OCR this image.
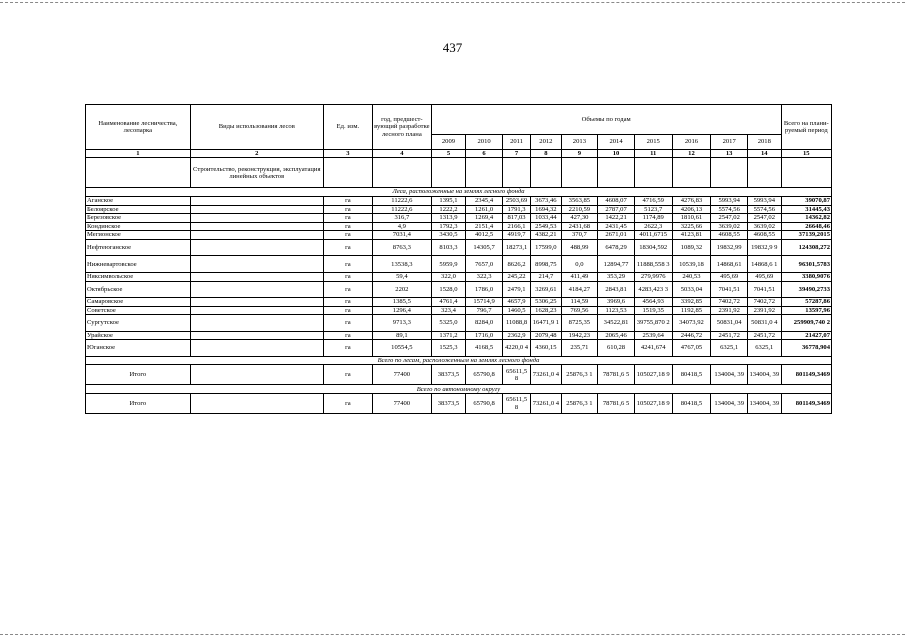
437
Наименование лесничества, лесопарка	Виды использования лесов	Ед. изм.	год, предшест-вующий разработке лесного плана	Объемы по годам										Всего на плани-руемый период
				2009	2010	2011	2012	2013	2014	2015	2016	2017	2018	
1	2	3	4	5	6	7	8	9	10	11	12	13	14	15
	Строительство, реконструкция, эксплуатация линейных объектов													
Леса, расположенные на землях лесного фонда														
Аганское		га	11222,6	1395,1	2345,4	2503,69	3673,46	3563,85	4608,07	4716,59	4276,83	5993,94	5993,94	39070,87
Белоярское		га	11222,6	1222,2	1261,0	1791,3	1694,32	2210,59	2787,07	5123,7	4206,13	5574,56	5574,56	31445,43
Березовское		га	316,7	1313,9	1269,4	817,03	1033,44	427,30	1422,21	1174,89	1810,61	2547,02	2547,02	14362,82
Кондинское		га	4,9	1792,3	2151,4	2166,1	2549,53	2431,68	2431,45	2622,3	3225,66	3639,02	3639,02	26648,46
Мегионское		га	7031,4	3430,5	4012,5	4919,7	4382,21	370,7	2671,01	4011,6715	4123,81	4608,55	4608,55	37139,2015
Нефтеюганское		га	8763,3	8103,3	14305,7	18273,1	17599,0	488,99	6478,29	18304,592	1089,32	19832,99	19832,9 9	124308,272
Нижневартовское		га	13538,3	5959,9	7657,0	8626,2	8998,75	0,0	12894,77	11888,558 3	10539,18	14868,61	14868,6 1	96301,5783
Няксимвольское		га	59,4	322,0	322,3	245,22	214,7	411,49	353,29	279,9976	240,53	495,69	495,69	3380,9076
Октябрьское		га	2202	1528,0	1786,0	2479,1	3269,61	4184,27	2843,81	4283,423 3	5033,04	7041,51	7041,51	39490,2733
Самаровское		га	1385,5	4761,4	15714,9	4657,9	5306,25	114,59	3969,6	4564,93	3392,85	7402,72	7402,72	57287,86
Советское		га	1296,4	323,4	796,7	1460,5	1628,23	769,56	1123,53	1519,35	1192,85	2391,92	2391,92	13597,96
Сургутское		га	9713,3	5325,0	8284,0	11088,8	16471,9 1	8725,35	34522,81	39755,870 2	34073,92	50831,04	50831,0 4	259909,740 2
Урайское		га	89,1	1371,2	1716,0	2362,9	2079,48	1942,23	2065,46	2539,64	2446,72	2451,72	2451,72	21427,07
Юганское		га	10554,5	1525,3	4168,5	4220,0 4	4360,15	235,71	610,28	4241,674	4767,05	6325,1	6325,1	36778,904
Всего по лесам, расположенным на землях лесного фонда														
Итого		га	77400	38373,5	65790,8	65611,5 8	73261,0 4	25876,3 1	78781,6 5	105027,18 9	80418,5	134004, 39	134004, 39	801149,3469
Всего по автономному округу														
Итого		га	77400	38373,5	65790,8	65611,5 8	73261,0 4	25876,3 1	78781,6 5	105027,18 9	80418,5	134004, 39	134004, 39	801149,3469
